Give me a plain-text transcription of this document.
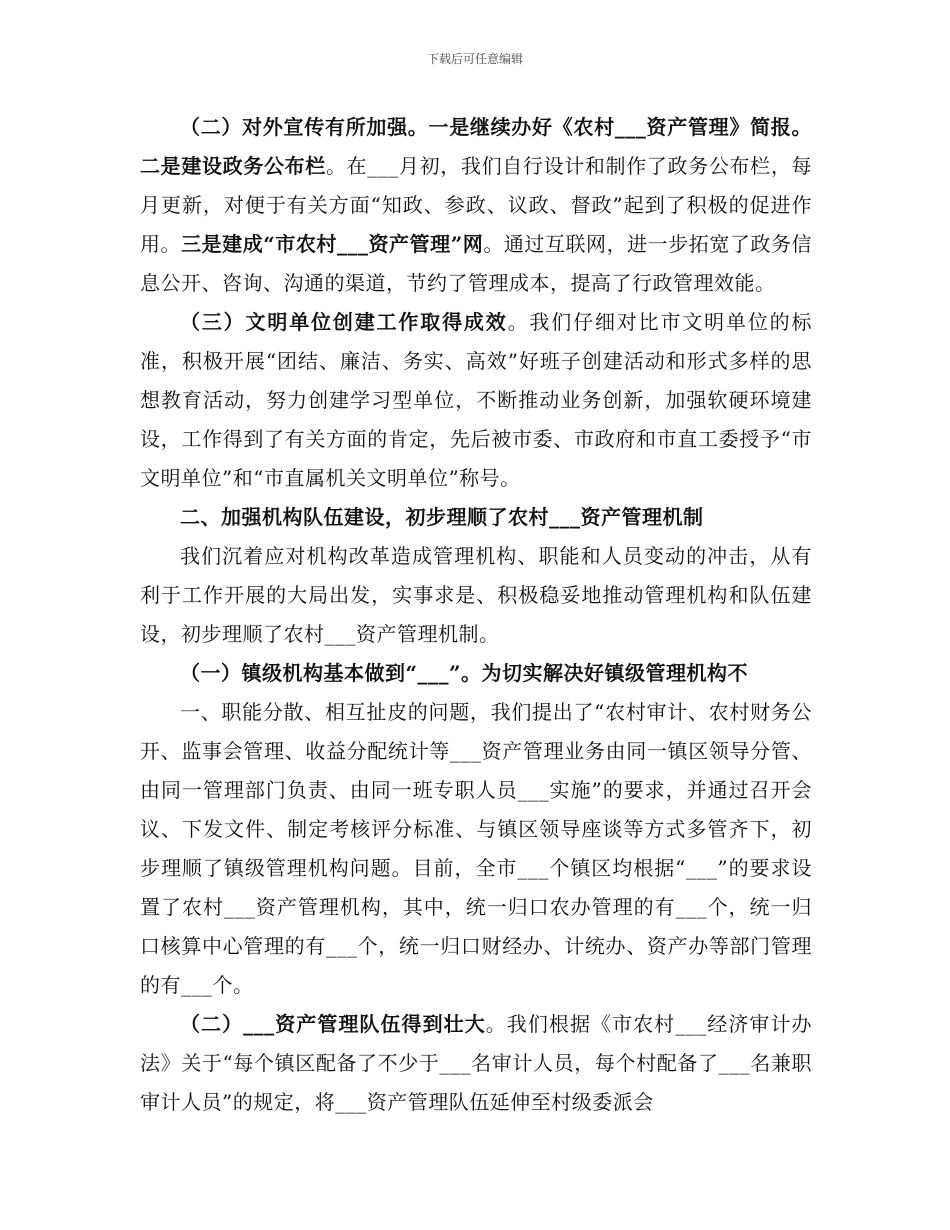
下载后可任意编辑

（二）对外宣传有所加强。一是继续办好《农村___资产管理》简报。二是建设政务公布栏。在___月初，我们自行设计和制作了政务公布栏，每月更新，对便于有关方面“知政、参政、议政、督政”起到了积极的促进作用。三是建成“市农村___资产管理”网。通过互联网，进一步拓宽了政务信息公开、咨询、沟通的渠道，节约了管理成本，提高了行政管理效能。

（三）文明单位创建工作取得成效。我们仔细对比市文明单位的标准，积极开展“团结、廉洁、务实、高效”好班子创建活动和形式多样的思想教育活动，努力创建学习型单位，不断推动业务创新，加强软硬环境建设，工作得到了有关方面的肯定，先后被市委、市政府和市直工委授予“市文明单位”和“市直属机关文明单位”称号。

二、加强机构队伍建设，初步理顺了农村___资产管理机制

我们沉着应对机构改革造成管理机构、职能和人员变动的冲击，从有利于工作开展的大局出发，实事求是、积极稳妥地推动管理机构和队伍建设，初步理顺了农村___资产管理机制。

（一）镇级机构基本做到“___”。为切实解决好镇级管理机构不

一、职能分散、相互扯皮的问题，我们提出了“农村审计、农村财务公开、监事会管理、收益分配统计等___资产管理业务由同一镇区领导分管、由同一管理部门负责、由同一班专职人员___实施”的要求，并通过召开会议、下发文件、制定考核评分标准、与镇区领导座谈等方式多管齐下，初步理顺了镇级管理机构问题。目前，全市___个镇区均根据“___”的要求设置了农村___资产管理机构，其中，统一归口农办管理的有___个，统一归口核算中心管理的有___个，统一归口财经办、计统办、资产办等部门管理的有___个。

（二）___资产管理队伍得到壮大。我们根据《市农村___经济审计办法》关于“每个镇区配备了不少于___名审计人员，每个村配备了___名兼职审计人员”的规定，将___资产管理队伍延伸至村级委派会
